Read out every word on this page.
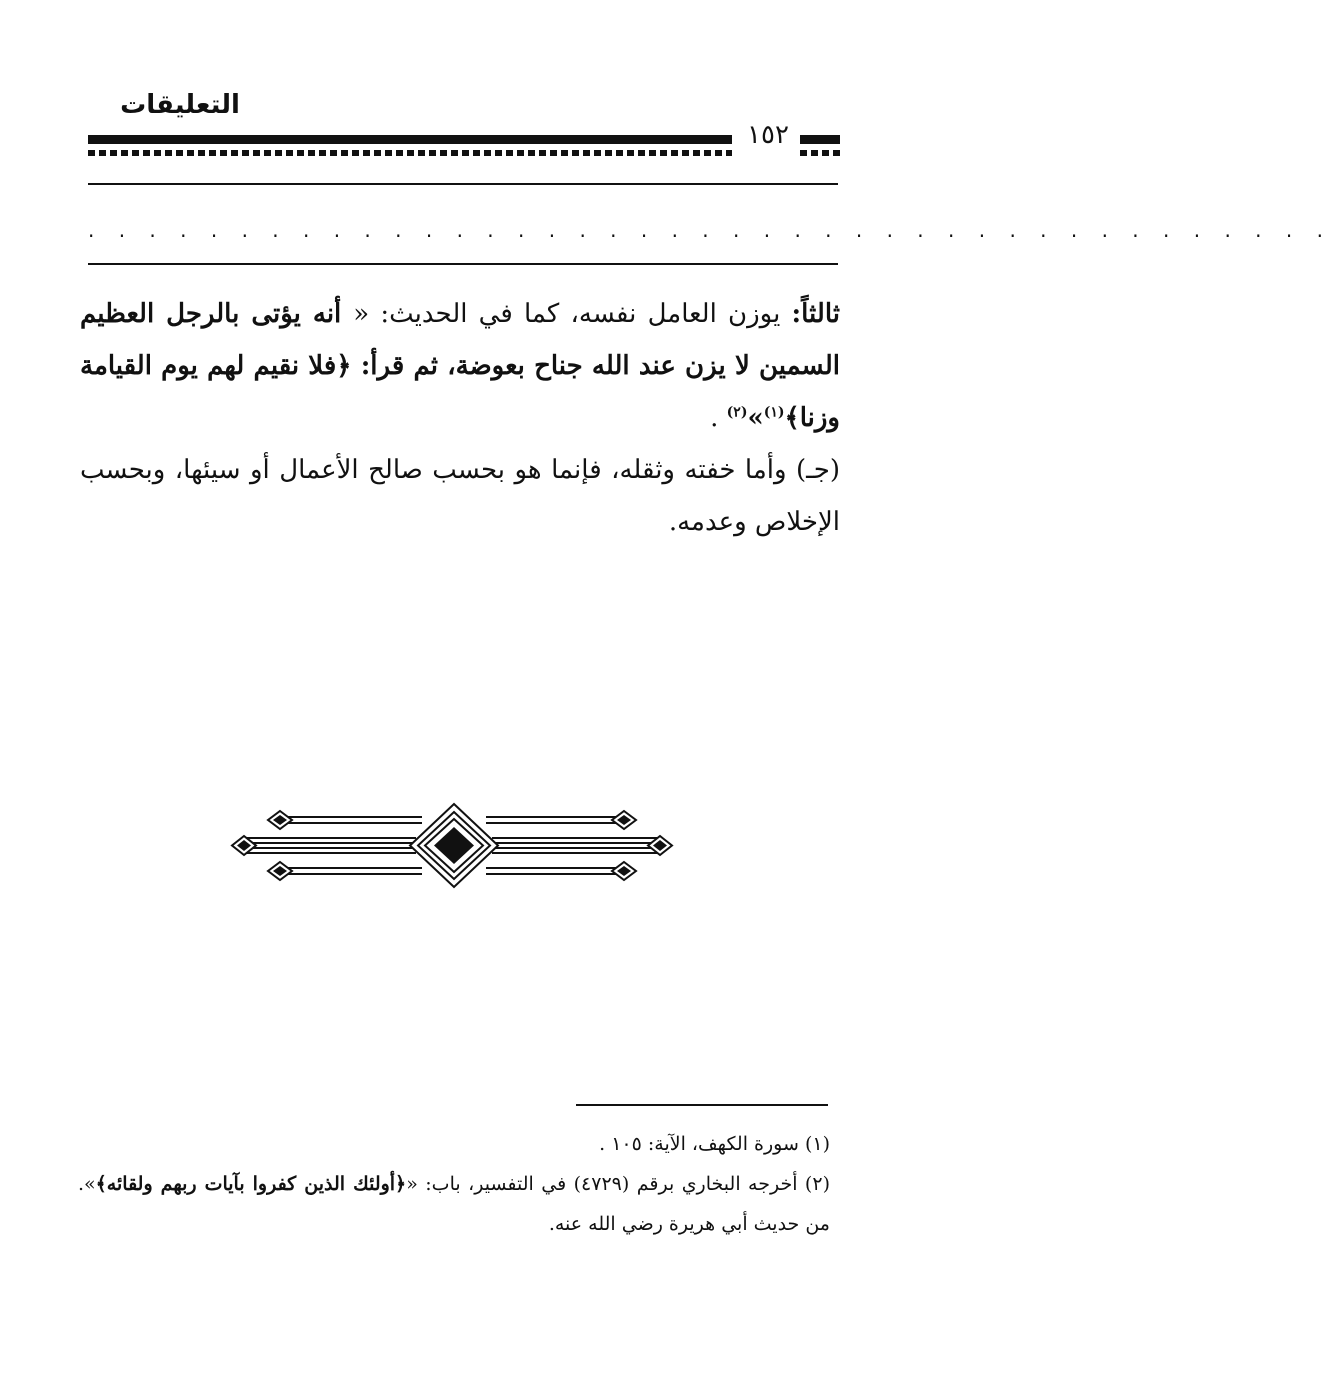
التعليقات
١٥٢

. . . . . . . . . . . . . . . . . . . . . . . . . . . . . . . . . . . . . . . . .

ثالثاً: يوزن العامل نفسه، كما في الحديث: « أنه يؤتى بالرجل العظيم السمين لا يزن عند الله جناح بعوضة، ثم قرأ: ﴿فلا نقيم لهم يوم القيامة وزنا﴾$^{(١)}$»$^{(٢)}$ .

(جـ) وأما خفته وثقله، فإنما هو بحسب صالح الأعمال أو سيئها، وبحسب الإخلاص وعدمه.

(١) سورة الكهف، الآية: ١٠٥ .

(٢) أخرجه البخاري برقم (٤٧٢٩) في التفسير، باب: «﴿أولئك الذين كفروا بآيات ربهم ولقائه﴾». من حديث أبي هريرة رضي الله عنه.
